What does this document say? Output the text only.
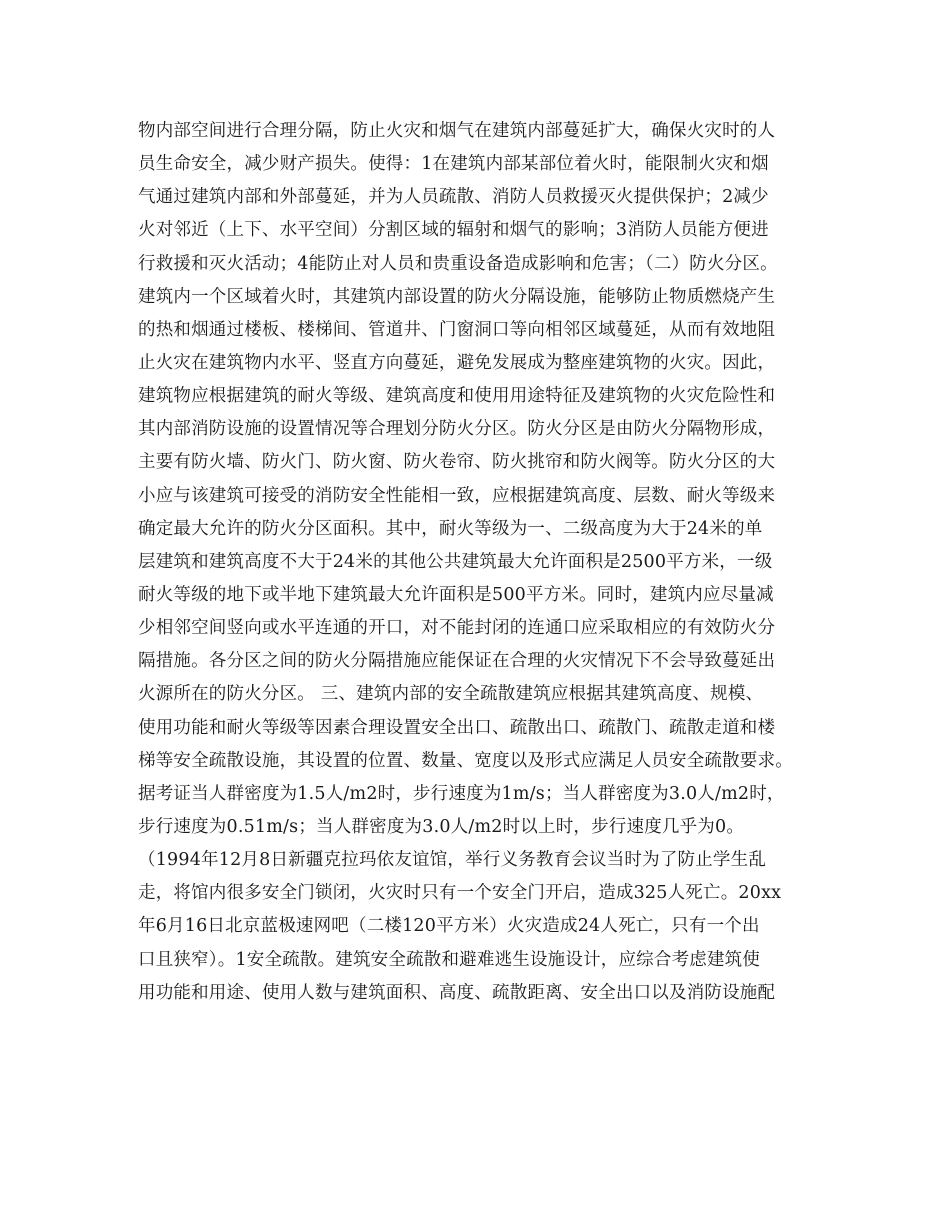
物内部空间进行合理分隔，防止火灾和烟气在建筑内部蔓延扩大，确保火灾时的人
员生命安全，减少财产损失。使得：1在建筑内部某部位着火时，能限制火灾和烟
气通过建筑内部和外部蔓延，并为人员疏散、消防人员救援灭火提供保护；2减少
火对邻近（上下、水平空间）分割区域的辐射和烟气的影响；3消防人员能方便进
行救援和灭火活动；4能防止对人员和贵重设备造成影响和危害；（二）防火分区。
建筑内一个区域着火时，其建筑内部设置的防火分隔设施，能够防止物质燃烧产生
的热和烟通过楼板、楼梯间、管道井、门窗洞口等向相邻区域蔓延，从而有效地阻
止火灾在建筑物内水平、竖直方向蔓延，避免发展成为整座建筑物的火灾。因此，
建筑物应根据建筑的耐火等级、建筑高度和使用用途特征及建筑物的火灾危险性和
其内部消防设施的设置情况等合理划分防火分区。防火分区是由防火分隔物形成，
主要有防火墙、防火门、防火窗、防火卷帘、防火挑帘和防火阀等。防火分区的大
小应与该建筑可接受的消防安全性能相一致，应根据建筑高度、层数、耐火等级来
确定最大允许的防火分区面积。其中，耐火等级为一、二级高度为大于24米的单
层建筑和建筑高度不大于24米的其他公共建筑最大允许面积是2500平方米，一级
耐火等级的地下或半地下建筑最大允许面积是500平方米。同时，建筑内应尽量减
少相邻空间竖向或水平连通的开口，对不能封闭的连通口应采取相应的有效防火分
隔措施。各分区之间的防火分隔措施应能保证在合理的火灾情况下不会导致蔓延出
火源所在的防火分区。 三、建筑内部的安全疏散建筑应根据其建筑高度、规模、
使用功能和耐火等级等因素合理设置安全出口、疏散出口、疏散门、疏散走道和楼
梯等安全疏散设施，其设置的位置、数量、宽度以及形式应满足人员安全疏散要求。
据考证当人群密度为1.5人/m2时，步行速度为1m/s；当人群密度为3.0人/m2时，
步行速度为0.51m/s；当人群密度为3.0人/m2时以上时，步行速度几乎为0。
（1994年12月8日新疆克拉玛依友谊馆，举行义务教育会议当时为了防止学生乱
走，将馆内很多安全门锁闭，火灾时只有一个安全门开启，造成325人死亡。20xx
年6月16日北京蓝极速网吧（二楼120平方米）火灾造成24人死亡，只有一个出
口且狭窄）。1安全疏散。建筑安全疏散和避难逃生设施设计，应综合考虑建筑使
用功能和用途、使用人数与建筑面积、高度、疏散距离、安全出口以及消防设施配
